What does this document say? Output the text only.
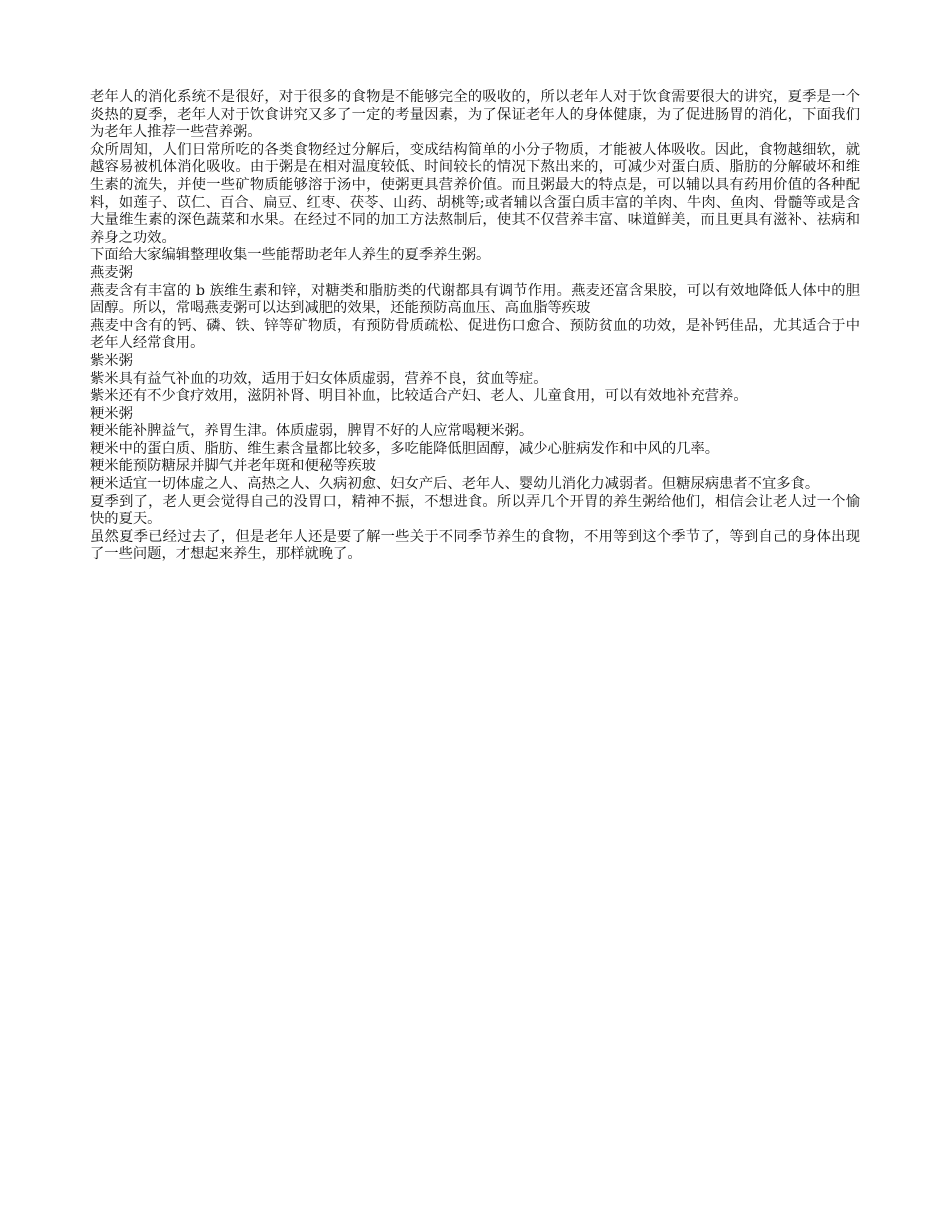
老年人的消化系统不是很好，对于很多的食物是不能够完全的吸收的，所以老年人对于饮食需要很大的讲究，夏季是一个炎热的夏季，老年人对于饮食讲究又多了一定的考量因素，为了保证老年人的身体健康，为了促进肠胃的消化，下面我们为老年人推荐一些营养粥。

众所周知，人们日常所吃的各类食物经过分解后，变成结构简单的小分子物质，才能被人体吸收。因此，食物越细软，就越容易被机体消化吸收。由于粥是在相对温度较低、时间较长的情况下熬出来的，可减少对蛋白质、脂肪的分解破坏和维生素的流失，并使一些矿物质能够溶于汤中，使粥更具营养价值。而且粥最大的特点是，可以辅以具有药用价值的各种配料，如莲子、苡仁、百合、扁豆、红枣、茯苓、山药、胡桃等;或者辅以含蛋白质丰富的羊肉、牛肉、鱼肉、骨髓等或是含大量维生素的深色蔬菜和水果。在经过不同的加工方法熬制后，使其不仅营养丰富、味道鲜美，而且更具有滋补、祛病和养身之功效。

下面给大家编辑整理收集一些能帮助老年人养生的夏季养生粥。

燕麦粥

燕麦含有丰富的 b 族维生素和锌，对糖类和脂肪类的代谢都具有调节作用。燕麦还富含果胶，可以有效地降低人体中的胆固醇。所以，常喝燕麦粥可以达到减肥的效果，还能预防高血压、高血脂等疾玻

燕麦中含有的钙、磷、铁、锌等矿物质，有预防骨质疏松、促进伤口愈合、预防贫血的功效，是补钙佳品，尤其适合于中老年人经常食用。

紫米粥

紫米具有益气补血的功效，适用于妇女体质虚弱，营养不良，贫血等症。

紫米还有不少食疗效用，滋阴补肾、明目补血，比较适合产妇、老人、儿童食用，可以有效地补充营养。

粳米粥

粳米能补脾益气，养胃生津。体质虚弱，脾胃不好的人应常喝粳米粥。

粳米中的蛋白质、脂肪、维生素含量都比较多，多吃能降低胆固醇，减少心脏病发作和中风的几率。

粳米能预防糖尿并脚气并老年斑和便秘等疾玻

粳米适宜一切体虚之人、高热之人、久病初愈、妇女产后、老年人、婴幼儿消化力减弱者。但糖尿病患者不宜多食。

夏季到了，老人更会觉得自己的没胃口，精神不振，不想进食。所以弄几个开胃的养生粥给他们，相信会让老人过一个愉快的夏天。

虽然夏季已经过去了，但是老年人还是要了解一些关于不同季节养生的食物，不用等到这个季节了，等到自己的身体出现了一些问题，才想起来养生，那样就晚了。
